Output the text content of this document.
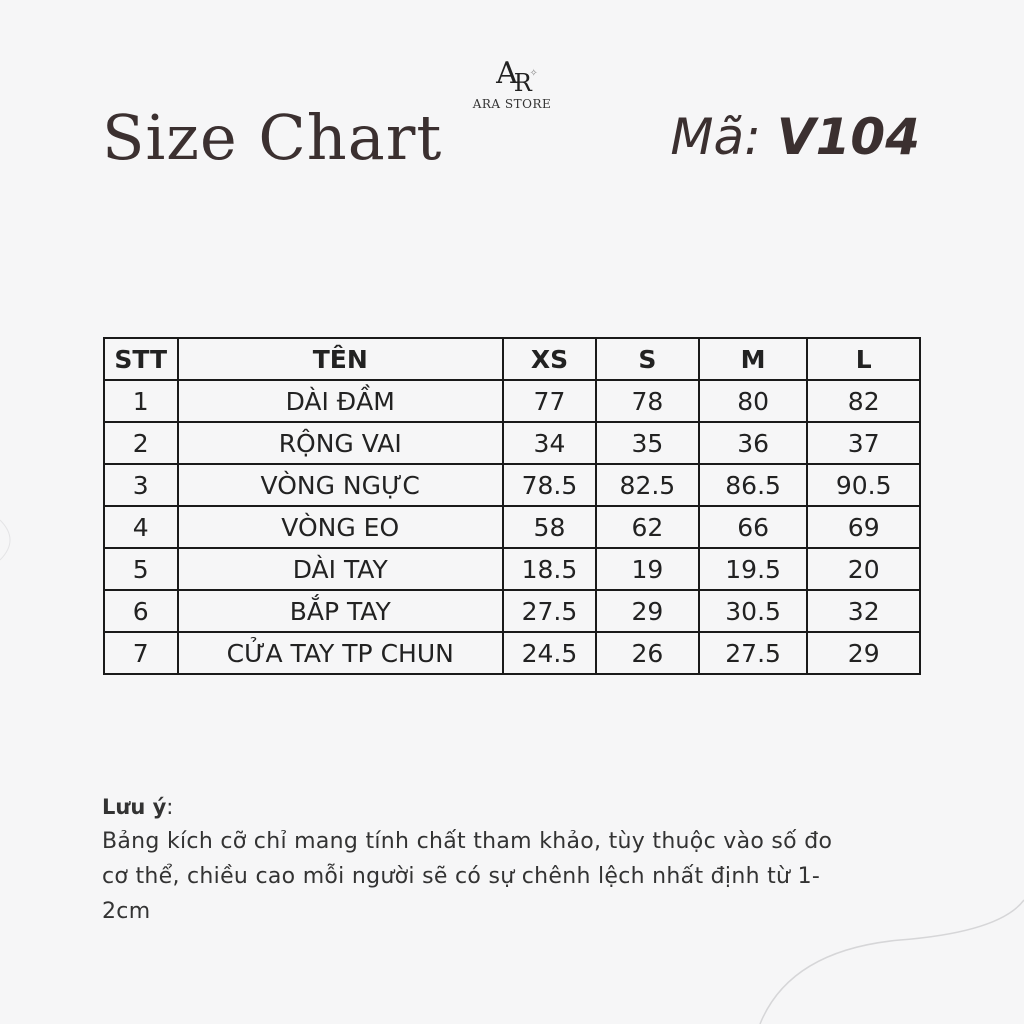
$A_R$ ✧
ARA STORE
Size Chart	Mã: V104
STT	TÊN	XS	S	M	L
1	DÀI ĐẦM	77	78	80	82
2	RỘNG VAI	34	35	36	37
3	VÒNG NGỰC	78.5	82.5	86.5	90.5
4	VÒNG EO	58	62	66	69
5	DÀI TAY	18.5	19	19.5	20
6	BẮP TAY	27.5	29	30.5	32
7	CỬA TAY TP CHUN	24.5	26	27.5	29
Lưu ý:
Bảng kích cỡ chỉ mang tính chất tham khảo, tùy thuộc vào số đo
cơ thể, chiều cao mỗi người sẽ có sự chênh lệch nhất định từ 1-
2cm
